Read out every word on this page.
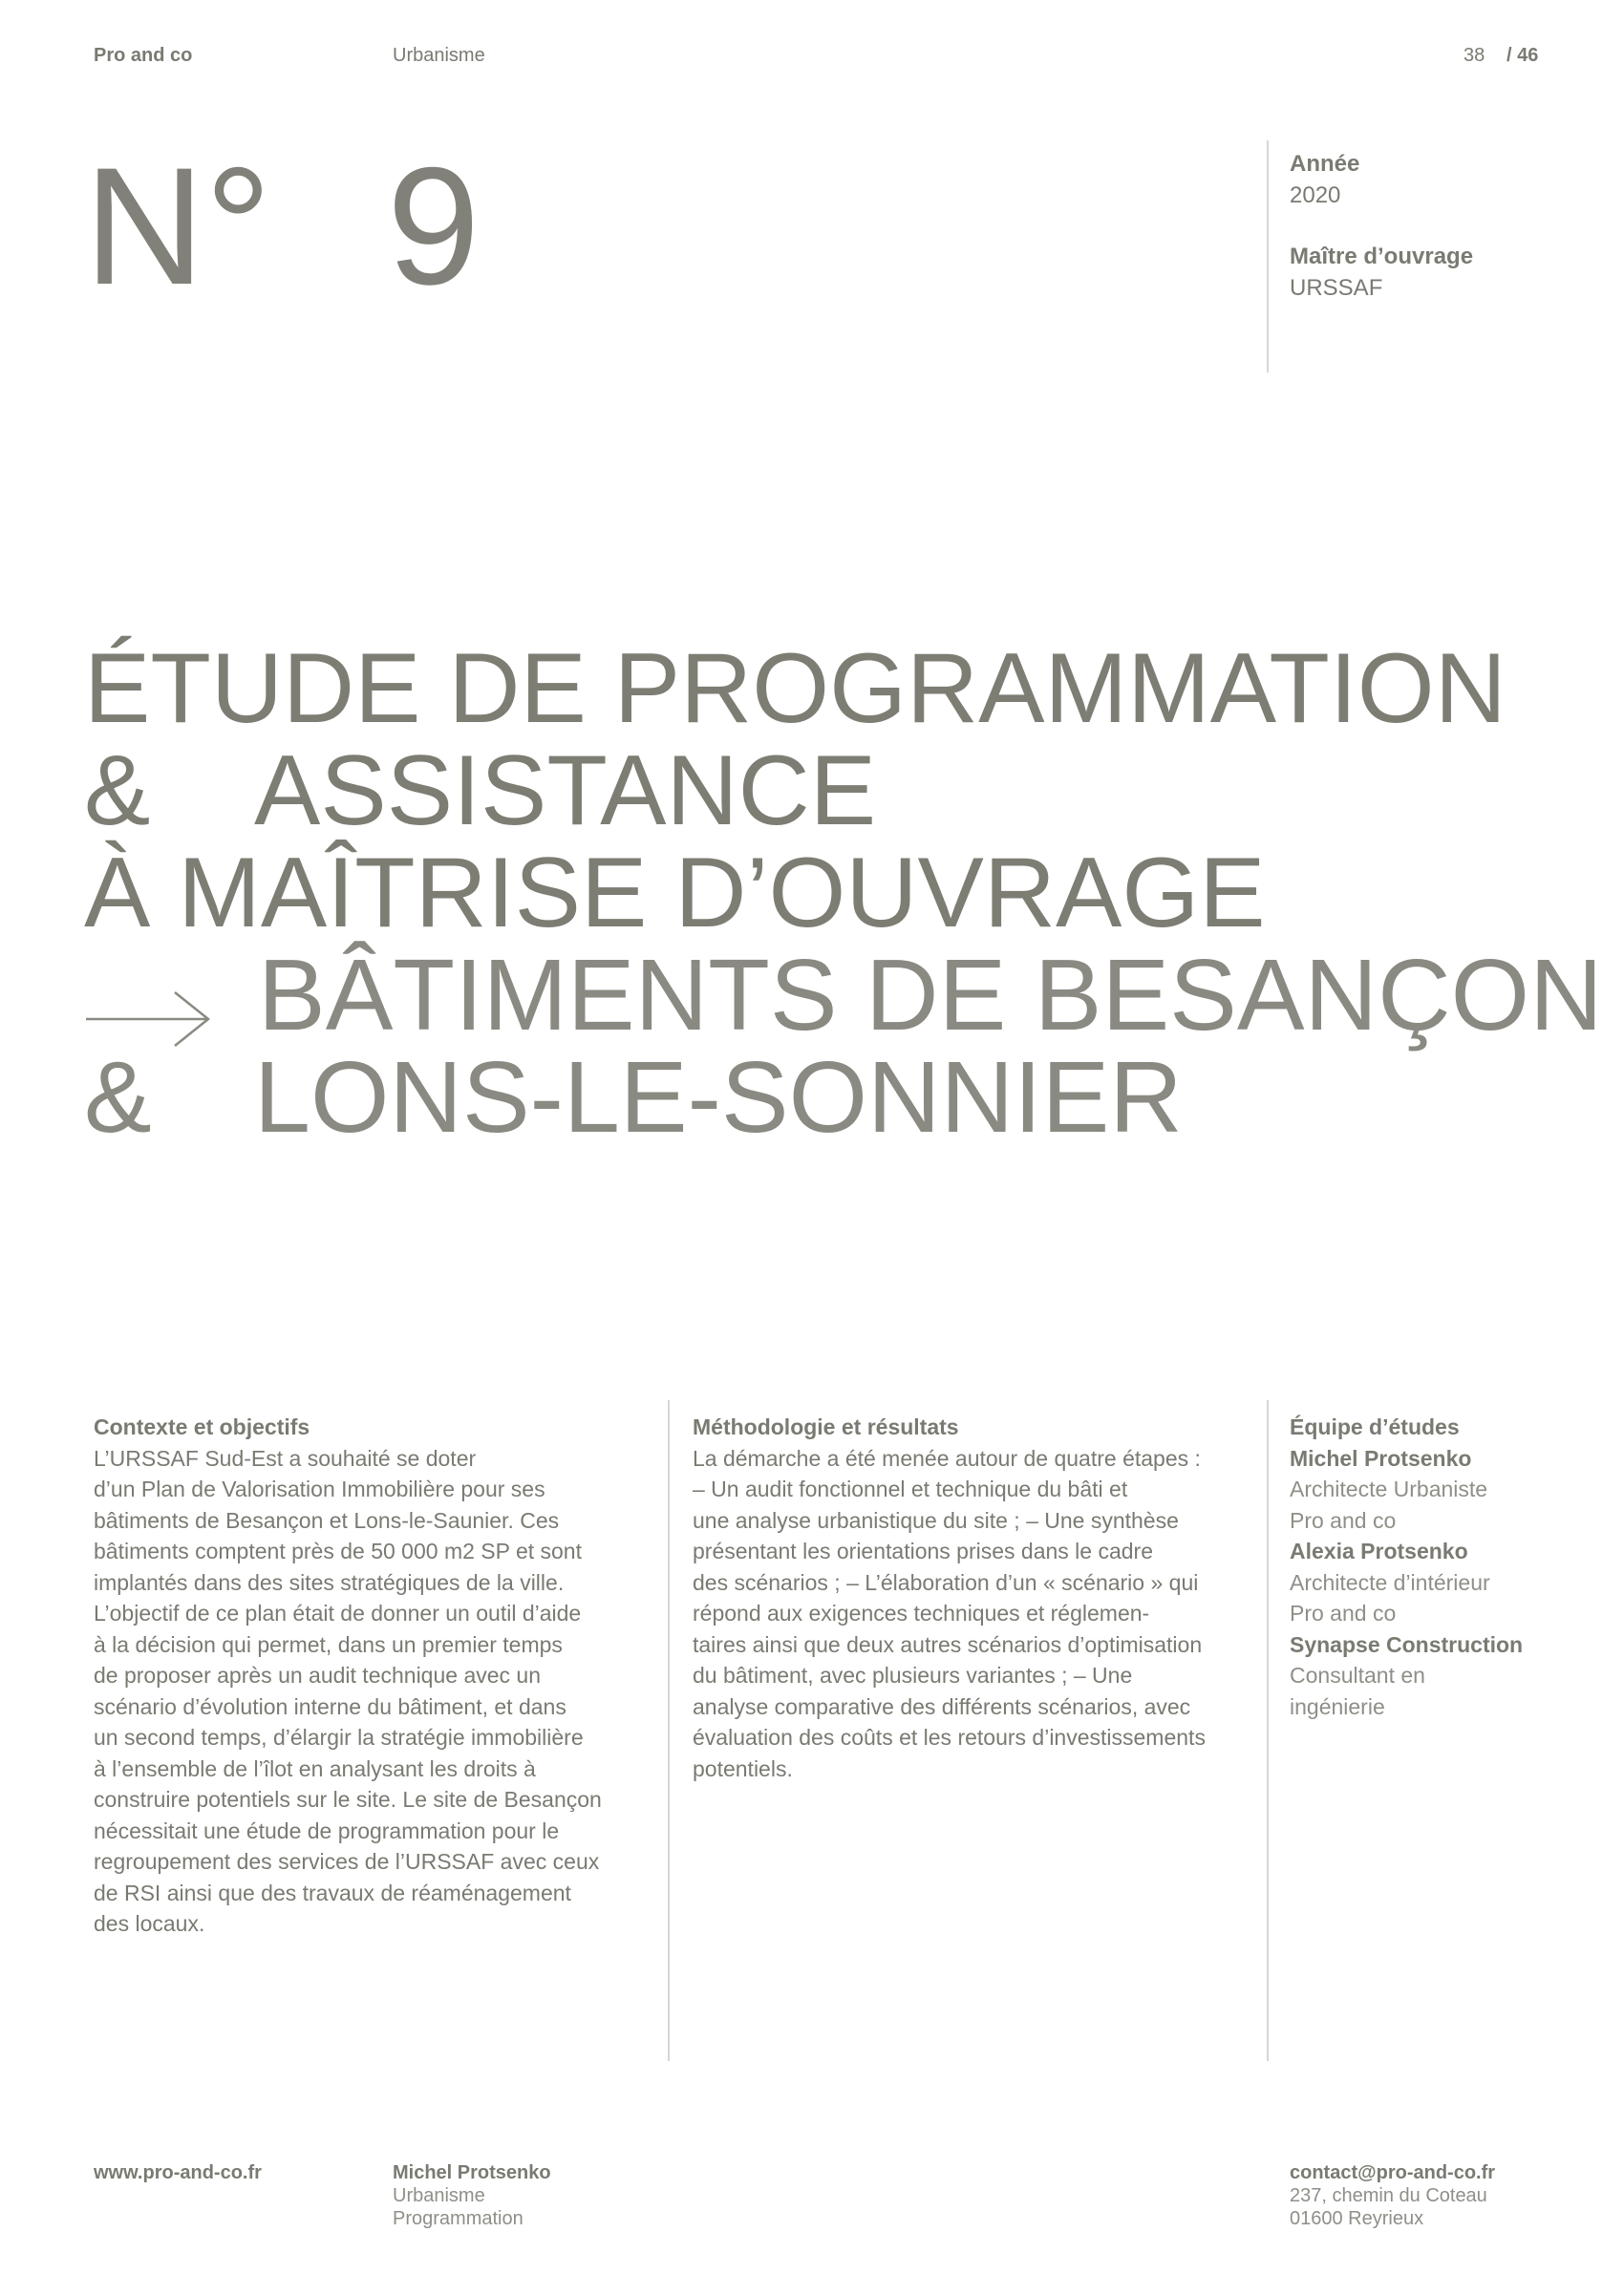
Pro and co	Urbanisme	38 / 46
N° 9	Année
2020
Maître d’ouvrage
URSSAF
ÉTUDE DE PROGRAMMATION
& ASSISTANCE
À MAÎTRISE D’OUVRAGE
BÂTIMENTS DE BESANÇON
& LONS-LE-SONNIER
Contexte et objectifs

L’URSSAF Sud-Est a souhaité se doter

d’un Plan de Valorisation Immobilière pour ses

bâtiments de Besançon et Lons-le-Saunier. Ces

bâtiments comptent près de 50 000 m2 SP et sont

implantés dans des sites stratégiques de la ville.

L’objectif de ce plan était de donner un outil d’aide

à la décision qui permet, dans un premier temps

de proposer après un audit technique avec un

scénario d’évolution interne du bâtiment, et dans

un second temps, d’élargir la stratégie immobilière

à l’ensemble de l’îlot en analysant les droits à

construire potentiels sur le site. Le site de Besançon

nécessitait une étude de programmation pour le

regroupement des services de l’URSSAF avec ceux

de RSI ainsi que des travaux de réaménagement

des locaux.

Méthodologie et résultats

La démarche a été menée autour de quatre étapes :

– Un audit fonctionnel et technique du bâti et

une analyse urbanistique du site ; – Une synthèse

présentant les orientations prises dans le cadre

des scénarios ; – L’élaboration d’un « scénario » qui

répond aux exigences techniques et réglemen-

taires ainsi que deux autres scénarios d’optimisation

du bâtiment, avec plusieurs variantes ; – Une

analyse comparative des différents scénarios, avec

évaluation des coûts et les retours d’investissements

potentiels.

Équipe d’études
Michel Protsenko
Architecte Urbaniste
Pro and co
Alexia Protsenko
Architecte d’intérieur
Pro and co
Synapse Construction
Consultant en
ingénierie
www.pro-and-co.fr	Michel Protsenko
Urbanisme
Programmation
contact@pro-and-co.fr
237, chemin du Coteau
01600 Reyrieux
